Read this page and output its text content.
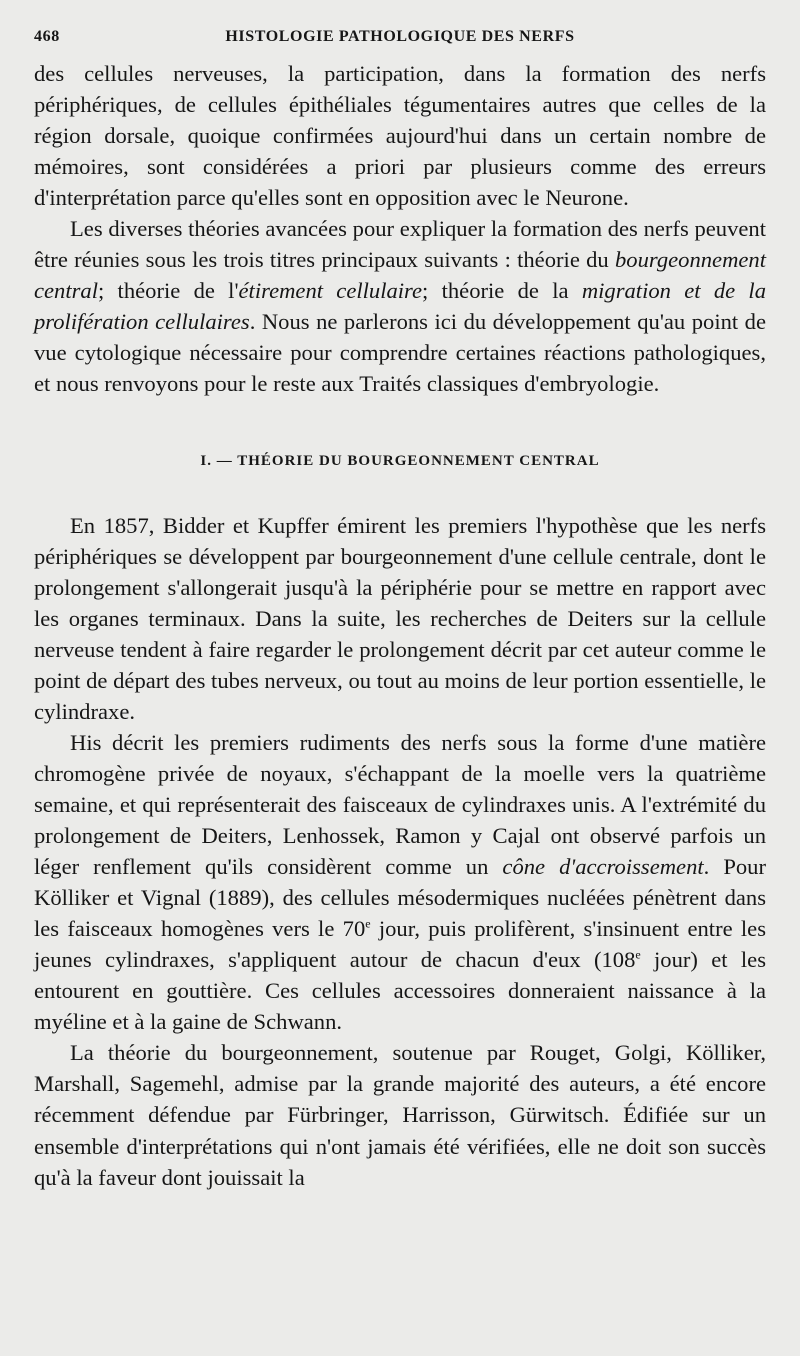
468	HISTOLOGIE PATHOLOGIQUE DES NERFS

des cellules nerveuses, la participation, dans la formation des nerfs périphériques, de cellules épithéliales tégumentaires autres que celles de la région dorsale, quoique confirmées aujourd'hui dans un certain nombre de mémoires, sont considérées a priori par plusieurs comme des erreurs d'interprétation parce qu'elles sont en opposition avec le Neurone.

Les diverses théories avancées pour expliquer la formation des nerfs peuvent être réunies sous les trois titres principaux suivants : théorie du bourgeonnement central; théorie de l'étirement cellulaire; théorie de la migration et de la prolifération cellulaires. Nous ne parlerons ici du développement qu'au point de vue cytologique nécessaire pour comprendre certaines réactions pathologiques, et nous renvoyons pour le reste aux Traités classiques d'embryologie.

I. — THÉORIE DU BOURGEONNEMENT CENTRAL

En 1857, Bidder et Kupffer émirent les premiers l'hypothèse que les nerfs périphériques se développent par bourgeonnement d'une cellule centrale, dont le prolongement s'allongerait jusqu'à la périphérie pour se mettre en rapport avec les organes terminaux. Dans la suite, les recherches de Deiters sur la cellule nerveuse tendent à faire regarder le prolongement décrit par cet auteur comme le point de départ des tubes nerveux, ou tout au moins de leur portion essentielle, le cylindraxe.

His décrit les premiers rudiments des nerfs sous la forme d'une matière chromogène privée de noyaux, s'échappant de la moelle vers la quatrième semaine, et qui représenterait des faisceaux de cylindraxes unis. A l'extrémité du prolongement de Deiters, Lenhossek, Ramon y Cajal ont observé parfois un léger renflement qu'ils considèrent comme un cône d'accroissement. Pour Kölliker et Vignal (1889), des cellules mésodermiques nucléées pénètrent dans les faisceaux homogènes vers le 70e jour, puis prolifèrent, s'insinuent entre les jeunes cylindraxes, s'appliquent autour de chacun d'eux (108e jour) et les entourent en gouttière. Ces cellules accessoires donneraient naissance à la myéline et à la gaine de Schwann.

La théorie du bourgeonnement, soutenue par Rouget, Golgi, Kölliker, Marshall, Sagemehl, admise par la grande majorité des auteurs, a été encore récemment défendue par Fürbringer, Harrisson, Gürwitsch. Édifiée sur un ensemble d'interprétations qui n'ont jamais été vérifiées, elle ne doit son succès qu'à la faveur dont jouissait la
